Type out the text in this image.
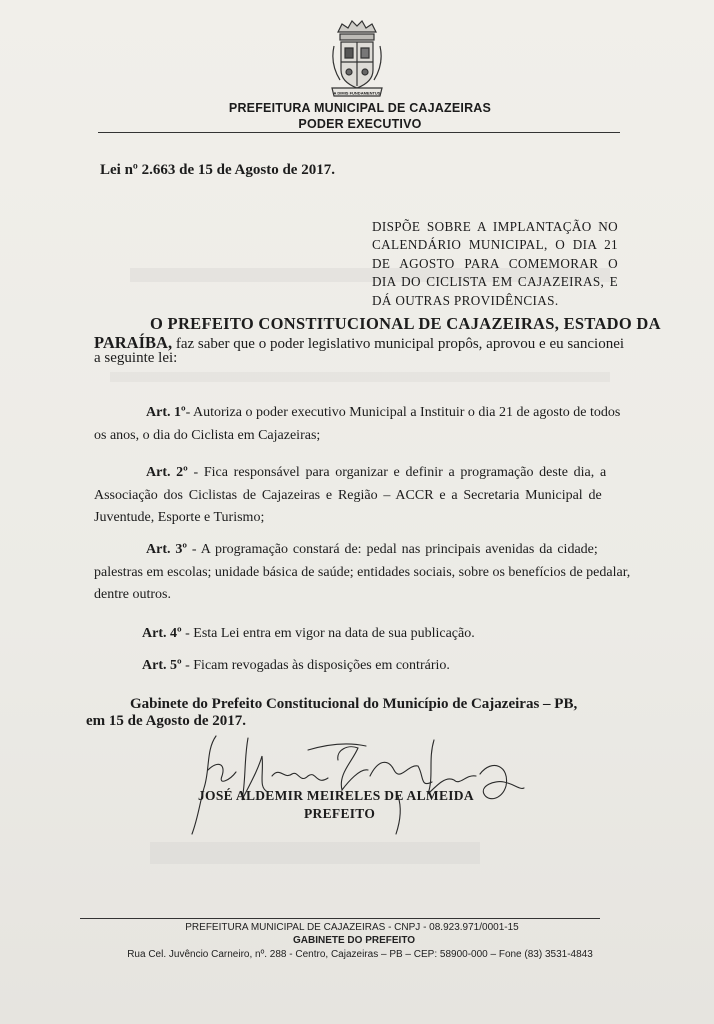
A DIMIS FUNDAMENTUS
PREFEITURA MUNICIPAL DE CAJAZEIRAS
PODER EXECUTIVO
Lei nº 2.663 de 15 de Agosto de 2017.
DISPÕE SOBRE A IMPLANTAÇÃO NO CALENDÁRIO MUNICIPAL, O DIA 21 DE AGOSTO PARA COMEMORAR O DIA DO CICLISTA EM CAJAZEIRAS, E DÁ OUTRAS PROVIDÊNCIAS.
O PREFEITO CONSTITUCIONAL DE CAJAZEIRAS, ESTADO DA
PARAÍBA, faz saber que o poder legislativo municipal propôs, aprovou e eu sancionei
a seguinte lei:
Art. 1º- Autoriza o poder executivo Municipal a Instituir o dia 21 de agosto de todos
os anos, o dia do Ciclista em Cajazeiras;
Art. 2º - Fica responsável para organizar e definir a programação deste dia, a
Associação dos Ciclistas de Cajazeiras e Região – ACCR e a Secretaria Municipal de
Juventude, Esporte e Turismo;
Art. 3º - A programação constará de: pedal nas principais avenidas da cidade;
palestras em escolas; unidade básica de saúde; entidades sociais, sobre os benefícios de pedalar,
dentre outros.
Art. 4º - Esta Lei entra em vigor na data de sua publicação.
Art. 5º - Ficam revogadas às disposições em contrário.
Gabinete do Prefeito Constitucional do Município de Cajazeiras – PB,
em 15 de Agosto de 2017.
JOSÉ ALDEMIR MEIRELES DE ALMEIDA
PREFEITO
PREFEITURA MUNICIPAL DE CAJAZEIRAS - CNPJ - 08.923.971/0001-15
GABINETE DO PREFEITO
Rua Cel. Juvêncio Carneiro, nº. 288 - Centro, Cajazeiras – PB – CEP: 58900-000 – Fone (83) 3531-4843
